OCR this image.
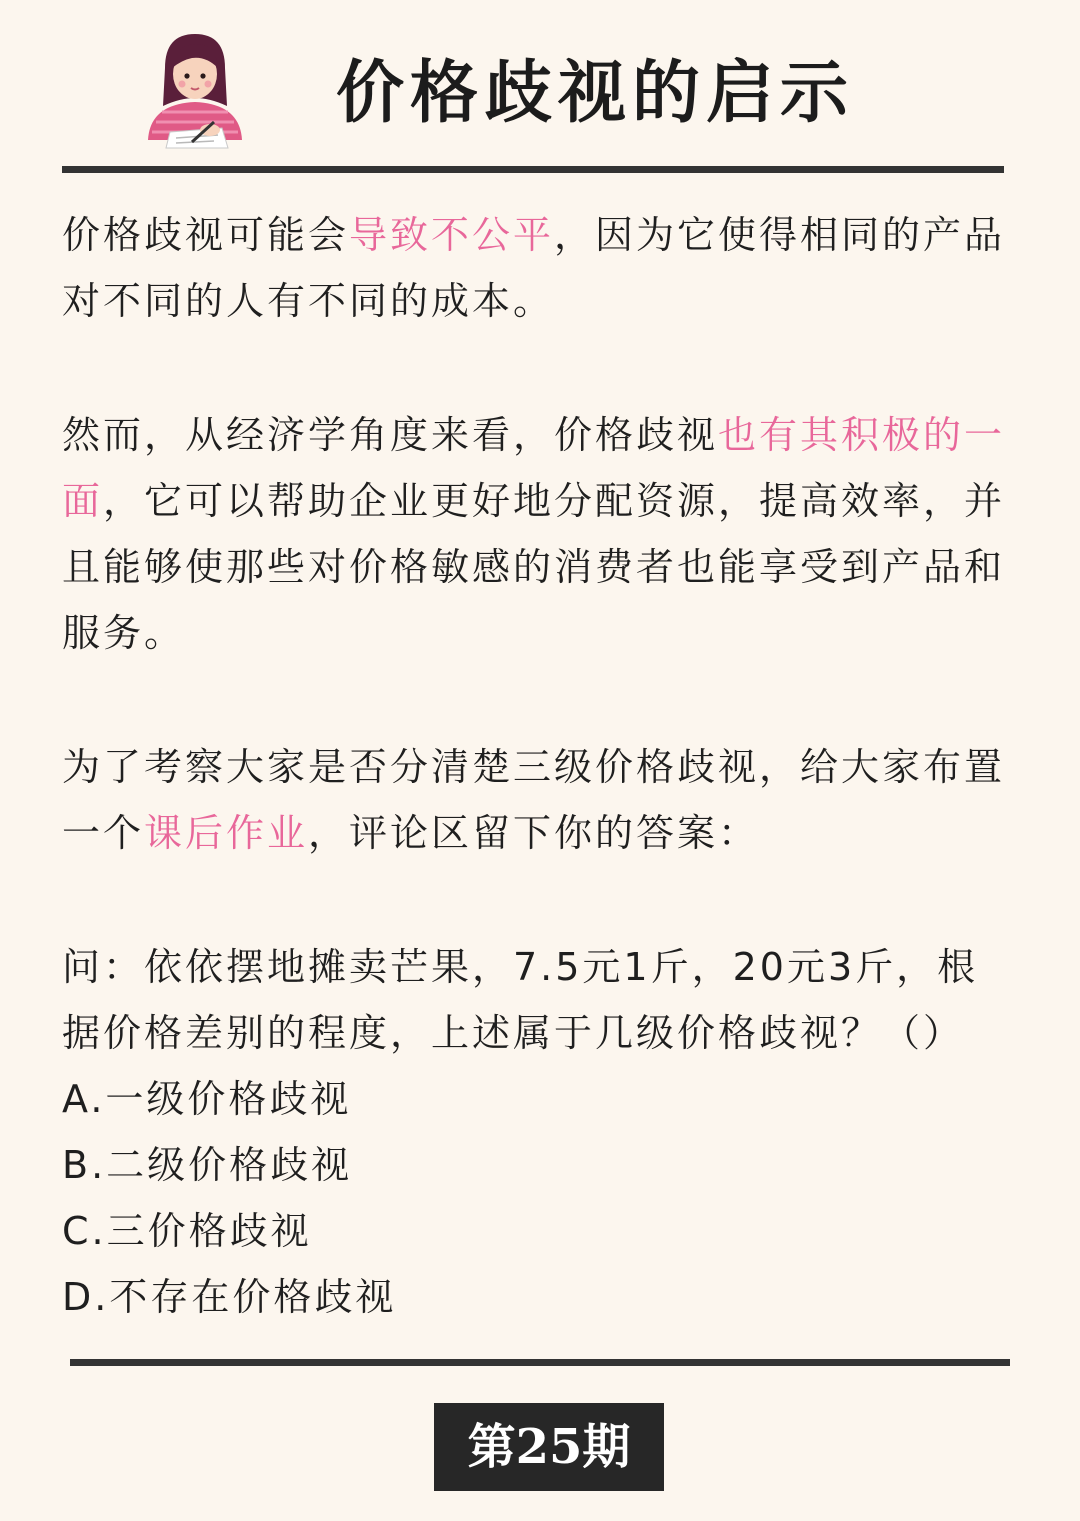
价格歧视的启示

价格歧视可能会导致不公平，因为它使得相同的产品对不同的人有不同的成本。

然而，从经济学角度来看，价格歧视也有其积极的一面，它可以帮助企业更好地分配资源，提高效率，并且能够使那些对价格敏感的消费者也能享受到产品和服务。

为了考察大家是否分清楚三级价格歧视，给大家布置一个课后作业，评论区留下你的答案：

问：依依摆地摊卖芒果，7.5元1斤，20元3斤，根据价格差别的程度，上述属于几级价格歧视？（）

A.一级价格歧视

B.二级价格歧视

C.三价格歧视

D.不存在价格歧视

第25期
